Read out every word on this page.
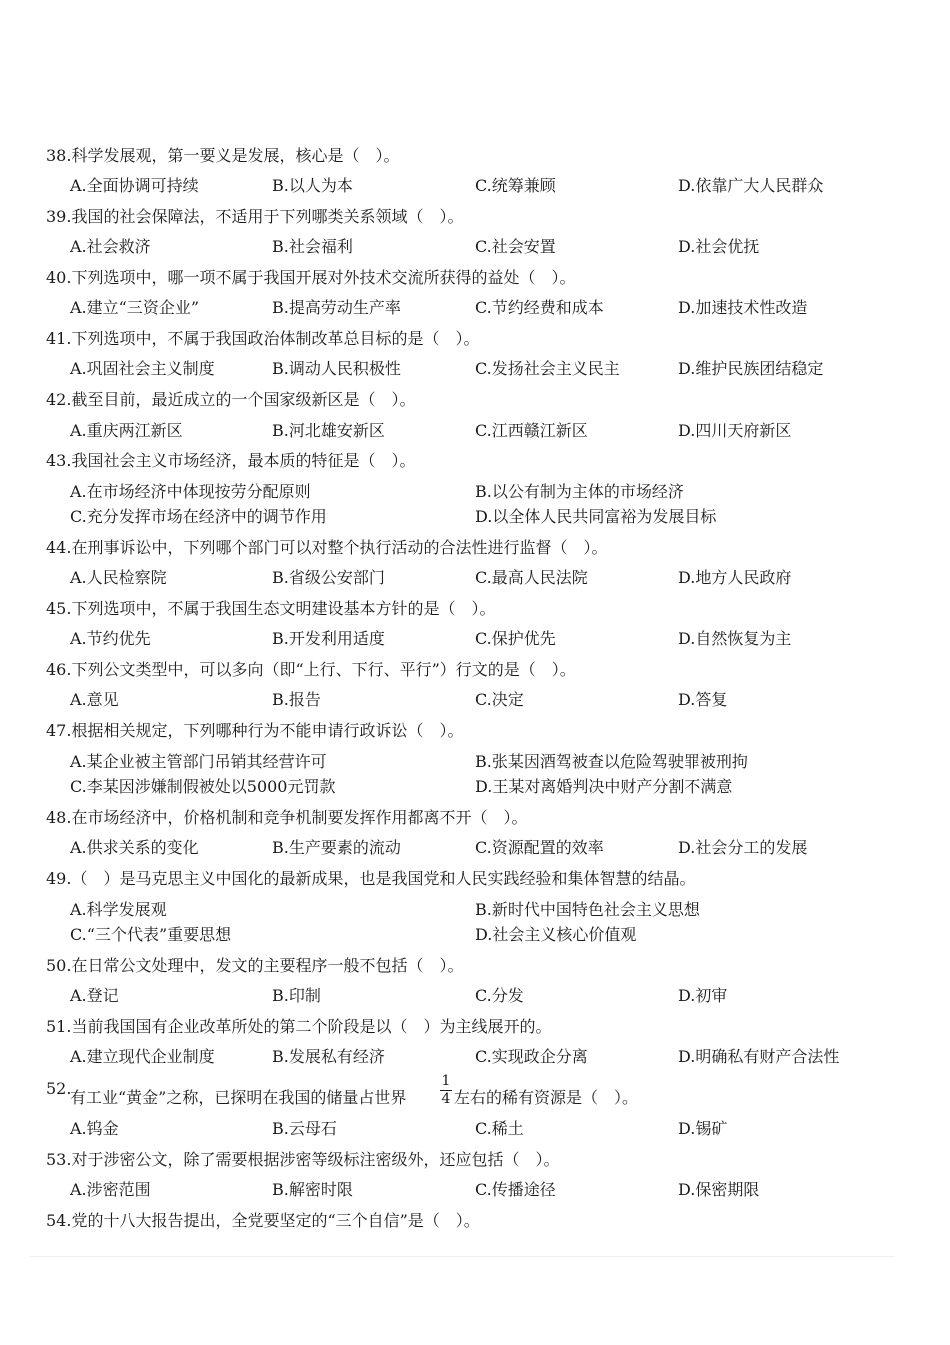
38.科学发展观，第一要义是发展，核心是（　）。
A.全面协调可持续	B.以人为本	C.统筹兼顾	D.依靠广大人民群众
39.我国的社会保障法，不适用于下列哪类关系领域（　）。
A.社会救济	B.社会福利	C.社会安置	D.社会优抚
40.下列选项中，哪一项不属于我国开展对外技术交流所获得的益处（　）。
A.建立“三资企业”	B.提高劳动生产率	C.节约经费和成本	D.加速技术性改造
41.下列选项中，不属于我国政治体制改革总目标的是（　）。
A.巩固社会主义制度	B.调动人民积极性	C.发扬社会主义民主	D.维护民族团结稳定
42.截至目前，最近成立的一个国家级新区是（　）。
A.重庆两江新区	B.河北雄安新区	C.江西赣江新区	D.四川天府新区
43.我国社会主义市场经济，最本质的特征是（　）。
A.在市场经济中体现按劳分配原则	B.以公有制为主体的市场经济
C.充分发挥市场在经济中的调节作用	D.以全体人民共同富裕为发展目标
44.在刑事诉讼中，下列哪个部门可以对整个执行活动的合法性进行监督（　）。
A.人民检察院	B.省级公安部门	C.最高人民法院	D.地方人民政府
45.下列选项中，不属于我国生态文明建设基本方针的是（　）。
A.节约优先	B.开发利用适度	C.保护优先	D.自然恢复为主
46.下列公文类型中，可以多向（即“上行、下行、平行”）行文的是（　）。
A.意见	B.报告	C.决定	D.答复
47.根据相关规定，下列哪种行为不能申请行政诉讼（　）。
A.某企业被主管部门吊销其经营许可	B.张某因酒驾被查以危险驾驶罪被刑拘
C.李某因涉嫌制假被处以5000元罚款	D.王某对离婚判决中财产分割不满意
48.在市场经济中，价格机制和竞争机制要发挥作用都离不开（　）。
A.供求关系的变化	B.生产要素的流动	C.资源配置的效率	D.社会分工的发展
49.（　）是马克思主义中国化的最新成果，也是我国党和人民实践经验和集体智慧的结晶。
A.科学发展观	B.新时代中国特色社会主义思想
C.“三个代表”重要思想	D.社会主义核心价值观
50.在日常公文处理中，发文的主要程序一般不包括（　）。
A.登记	B.印制	C.分发	D.初审
51.当前我国国有企业改革所处的第二个阶段是以（　）为主线展开的。
A.建立现代企业制度	B.发展私有经济	C.实现政企分离	D.明确私有财产合法性
52.
有工业“黄金”之称，已探明在我国的储量占世界
1
4 左右的稀有资源是（　）。
A.钨金	B.云母石	C.稀土	D.锡矿
53.对于涉密公文，除了需要根据涉密等级标注密级外，还应包括（　）。
A.涉密范围	B.解密时限	C.传播途径	D.保密期限
54.党的十八大报告提出，全党要坚定的“三个自信”是（　）。
